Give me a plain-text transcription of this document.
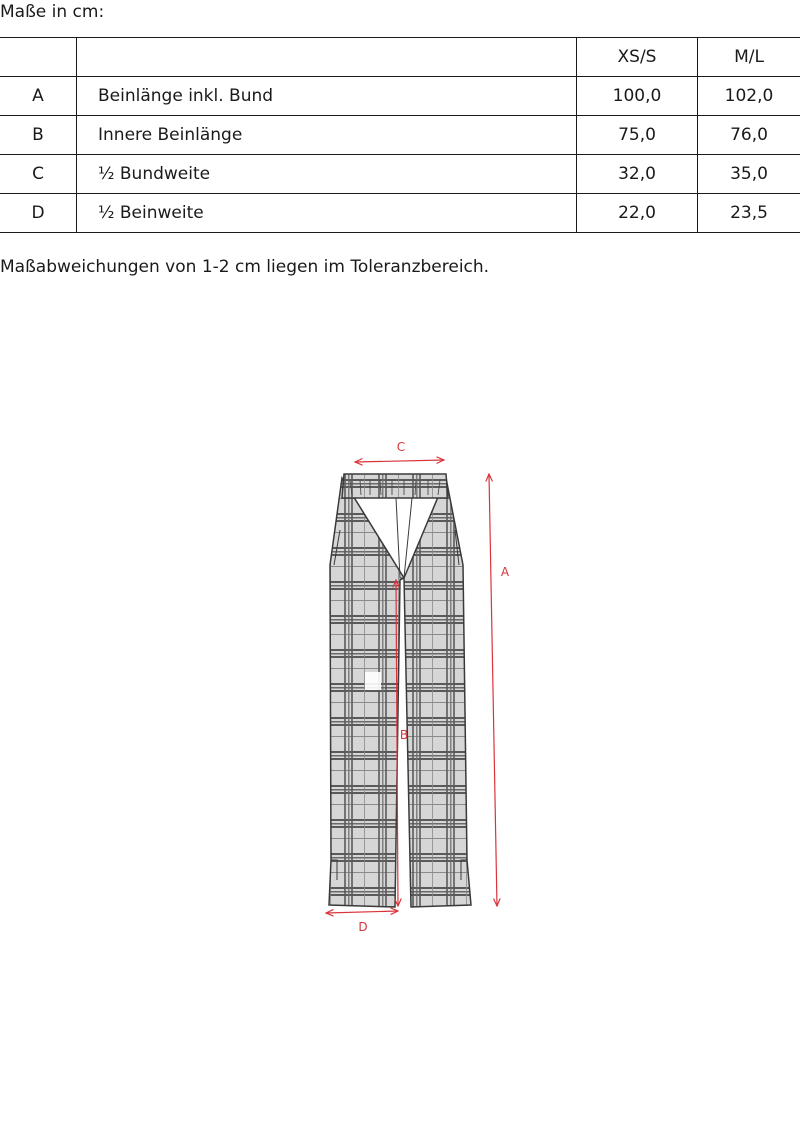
Maße in cm:
		XS/S	M/L
A	Beinlänge inkl. Bund	100,0	102,0
B	Innere Beinlänge	75,0	76,0
C	½ Bundweite	32,0	35,0
D	½ Beinweite	22,0	23,5
Maßabweichungen von 1-2 cm liegen im Toleranzbereich.
C
A
B
D
